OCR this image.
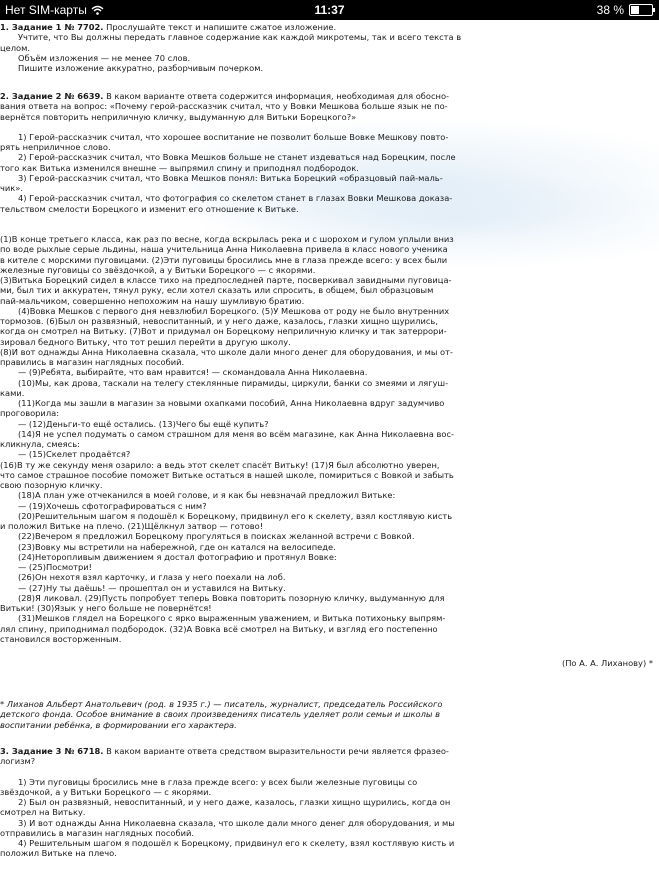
Нет SIM-карты	11:37	38 %
1. Задание 1 № 7702. Прослушайте текст и напишите сжатое изложение.
Учтите, что Вы должны передать главное содержание как каждой микротемы, так и всего текста в
целом.
Объём изложения — не менее 70 слов.
Пишите изложение аккуратно, разборчивым почерком.
2. Задание 2 № 6639. В каком варианте ответа содержится информация, необходимая для обосно-
вания ответа на вопрос: «Почему герой-рассказчик считал, что у Вовки Мешкова больше язык не по-
вернётся повторить неприличную кличку, выдуманную для Витьки Борецкого?»
1) Герой-рассказчик считал, что хорошее воспитание не позволит больше Вовке Мешкову повто-
рять неприличное слово.
2) Герой-рассказчик считал, что Вовка Мешков больше не станет издеваться над Борецким, после
того как Витька изменился внешне — выпрямил спину и приподнял подбородок.
3) Герой-рассказчик считал, что Вовка Мешков понял: Витька Борецкий «образцовый пай-маль-
чик».
4) Герой-рассказчик считал, что фотография со скелетом станет в глазах Вовки Мешкова доказа-
тельством смелости Борецкого и изменит его отношение к Витьке.
(1)В конце третьего класса, как раз по весне, когда вскрылась река и с шорохом и гулом уплыли вниз
по воде рыхлые серые льдины, наша учительница Анна Николаевна привела в класс нового ученика
в кителе с морскими пуговицами. (2)Эти пуговицы бросились мне в глаза прежде всего: у всех были
железные пуговицы со звёздочкой, а у Витьки Борецкого — с якорями.
(3)Витька Борецкий сидел в классе тихо на предпоследней парте, посверкивал завидными пуговица-
ми, был тих и аккуратен, тянул руку, если хотел сказать или спросить, в общем, был образцовым
пай-мальчиком, совершенно непохожим на нашу шумливую братию.
(4)Вовка Мешков с первого дня невзлюбил Борецкого. (5)У Мешкова от роду не было внутренних
тормозов. (6)Был он развязный, невоспитанный, и у него даже, казалось, глазки хищно щурились,
когда он смотрел на Витьку. (7)Вот и придумал он Борецкому неприличную кличку и так затеррори-
зировал бедного Витьку, что тот решил перейти в другую школу.
(8)И вот однажды Анна Николаевна сказала, что школе дали много денег для оборудования, и мы от-
правились в магазин наглядных пособий.
— (9)Ребята, выбирайте, что вам нравится! — скомандовала Анна Николаевна.
(10)Мы, как дрова, таскали на телегу стеклянные пирамиды, циркули, банки со змеями и лягуш-
ками.
(11)Когда мы зашли в магазин за новыми охапками пособий, Анна Николаевна вдруг задумчиво
проговорила:
— (12)Деньги-то ещё остались. (13)Чего бы ещё купить?
(14)Я не успел подумать о самом страшном для меня во всём магазине, как Анна Николаевна вос-
кликнула, смеясь:
— (15)Скелет продаётся?
(16)В ту же секунду меня озарило: а ведь этот скелет спасёт Витьку! (17)Я был абсолютно уверен,
что самое страшное пособие поможет Витьке остаться в нашей школе, помириться с Вовкой и забыть
свою позорную кличку.
(18)А план уже отчеканился в моей голове, и я как бы невзначай предложил Витьке:
— (19)Хочешь сфотографироваться с ним?
(20)Решительным шагом я подошёл к Борецкому, придвинул его к скелету, взял костлявую кисть
и положил Витьке на плечо. (21)Щёлкнул затвор — готово!
(22)Вечером я предложил Борецкому прогуляться в поисках желанной встречи с Вовкой.
(23)Вовку мы встретили на набережной, где он катался на велосипеде.
(24)Неторопливым движением я достал фотографию и протянул Вовке:
— (25)Посмотри!
(26)Он нехотя взял карточку, и глаза у него поехали на лоб.
— (27)Ну ты даёшь! — прошептал он и уставился на Витьку.
(28)Я ликовал. (29)Пусть попробует теперь Вовка повторить позорную кличку, выдуманную для
Витьки! (30)Язык у него больше не повернётся!
(31)Мешков глядел на Борецкого с ярко выраженным уважением, и Витька потихоньку выпрям-
лял спину, приподнимал подбородок. (32)А Вовка всё смотрел на Витьку, и взгляд его постепенно
становился восторженным.
(По А. А. Лиханову) *
* Лиханов Альберт Анатольевич (род. в 1935 г.) — писатель, журналист, председатель Российского
детского фонда. Особое внимание в своих произведениях писатель уделяет роли семьи и школы в
воспитании ребёнка, в формировании его характера.
3. Задание 3 № 6718. В каком варианте ответа средством выразительности речи является фразео-
логизм?
1) Эти пуговицы бросились мне в глаза прежде всего: у всех были железные пуговицы со
звёздочкой, а у Витьки Борецкого — с якорями.
2) Был он развязный, невоспитанный, и у него даже, казалось, глазки хищно щурились, когда он
смотрел на Витьку.
3) И вот однажды Анна Николаевна сказала, что школе дали много денег для оборудования, и мы
отправились в магазин наглядных пособий.
4) Решительным шагом я подошёл к Борецкому, придвинул его к скелету, взял костлявую кисть и
положил Витьке на плечо.
